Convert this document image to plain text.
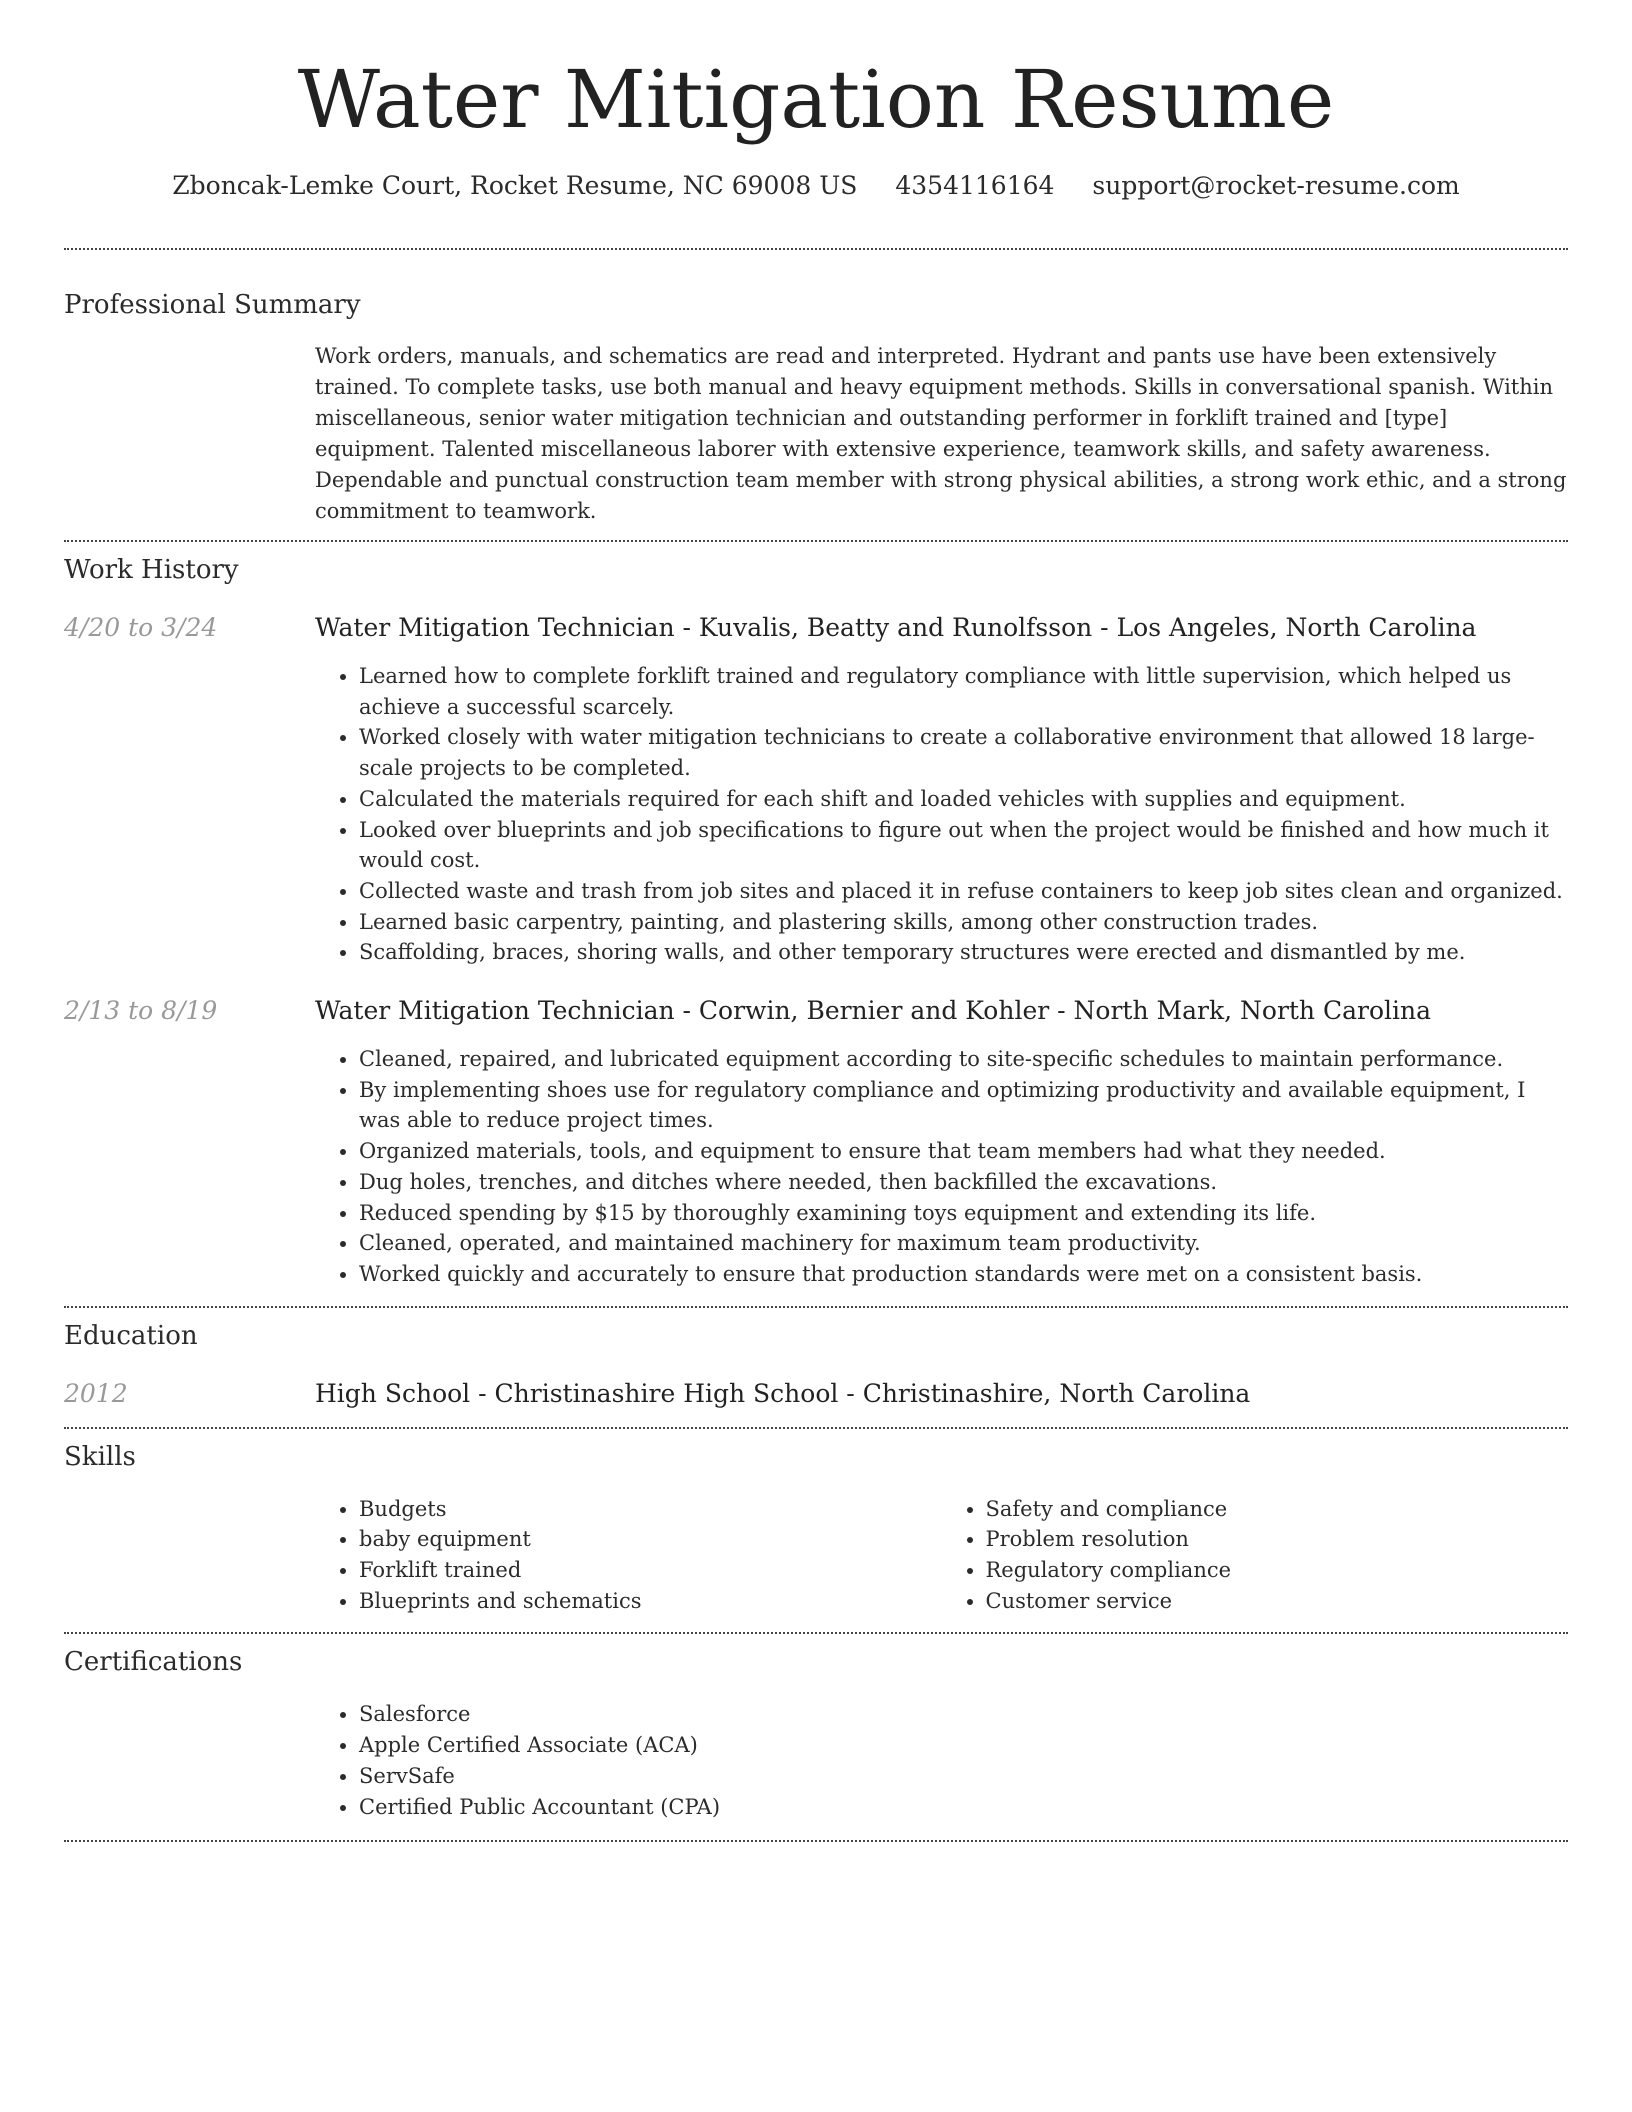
Water Mitigation Resume
Zboncak-Lemke Court, Rocket Resume, NC 69008 US 4354116164 support@rocket-resume.com
Professional Summary

Work orders, manuals, and schematics are read and interpreted. Hydrant and pants use have been extensively trained. To complete tasks, use both manual and heavy equipment methods. Skills in conversational spanish. Within miscellaneous, senior water mitigation technician and outstanding performer in forklift trained and [type] equipment. Talented miscellaneous laborer with extensive experience, teamwork skills, and safety awareness. Dependable and punctual construction team member with strong physical abilities, a strong work ethic, and a strong commitment to teamwork.

Work History
4/20 to 3/24	Water Mitigation Technician - Kuvalis, Beatty and Runolfsson - Los Angeles, North Carolina

• Learned how to complete forklift trained and regulatory compliance with little supervision, which helped us achieve a successful scarcely.
• Worked closely with water mitigation technicians to create a collaborative environment that allowed 18 large-scale projects to be completed.
• Calculated the materials required for each shift and loaded vehicles with supplies and equipment.
• Looked over blueprints and job specifications to figure out when the project would be finished and how much it would cost.
• Collected waste and trash from job sites and placed it in refuse containers to keep job sites clean and organized.
• Learned basic carpentry, painting, and plastering skills, among other construction trades.
• Scaffolding, braces, shoring walls, and other temporary structures were erected and dismantled by me.
2/13 to 8/19	Water Mitigation Technician - Corwin, Bernier and Kohler - North Mark, North Carolina

• Cleaned, repaired, and lubricated equipment according to site-specific schedules to maintain performance.
• By implementing shoes use for regulatory compliance and optimizing productivity and available equipment, I was able to reduce project times.
• Organized materials, tools, and equipment to ensure that team members had what they needed.
• Dug holes, trenches, and ditches where needed, then backfilled the excavations.
• Reduced spending by $15 by thoroughly examining toys equipment and extending its life.
• Cleaned, operated, and maintained machinery for maximum team productivity.
• Worked quickly and accurately to ensure that production standards were met on a consistent basis.
Education
2012	High School - Christinashire High School - Christinashire, North Carolina

Skills
• Budgets
• baby equipment
• Forklift trained
• Blueprints and schematics
• Safety and compliance
• Problem resolution
• Regulatory compliance
• Customer service
Certifications
• Salesforce
• Apple Certified Associate (ACA)
• ServSafe
• Certified Public Accountant (CPA)
